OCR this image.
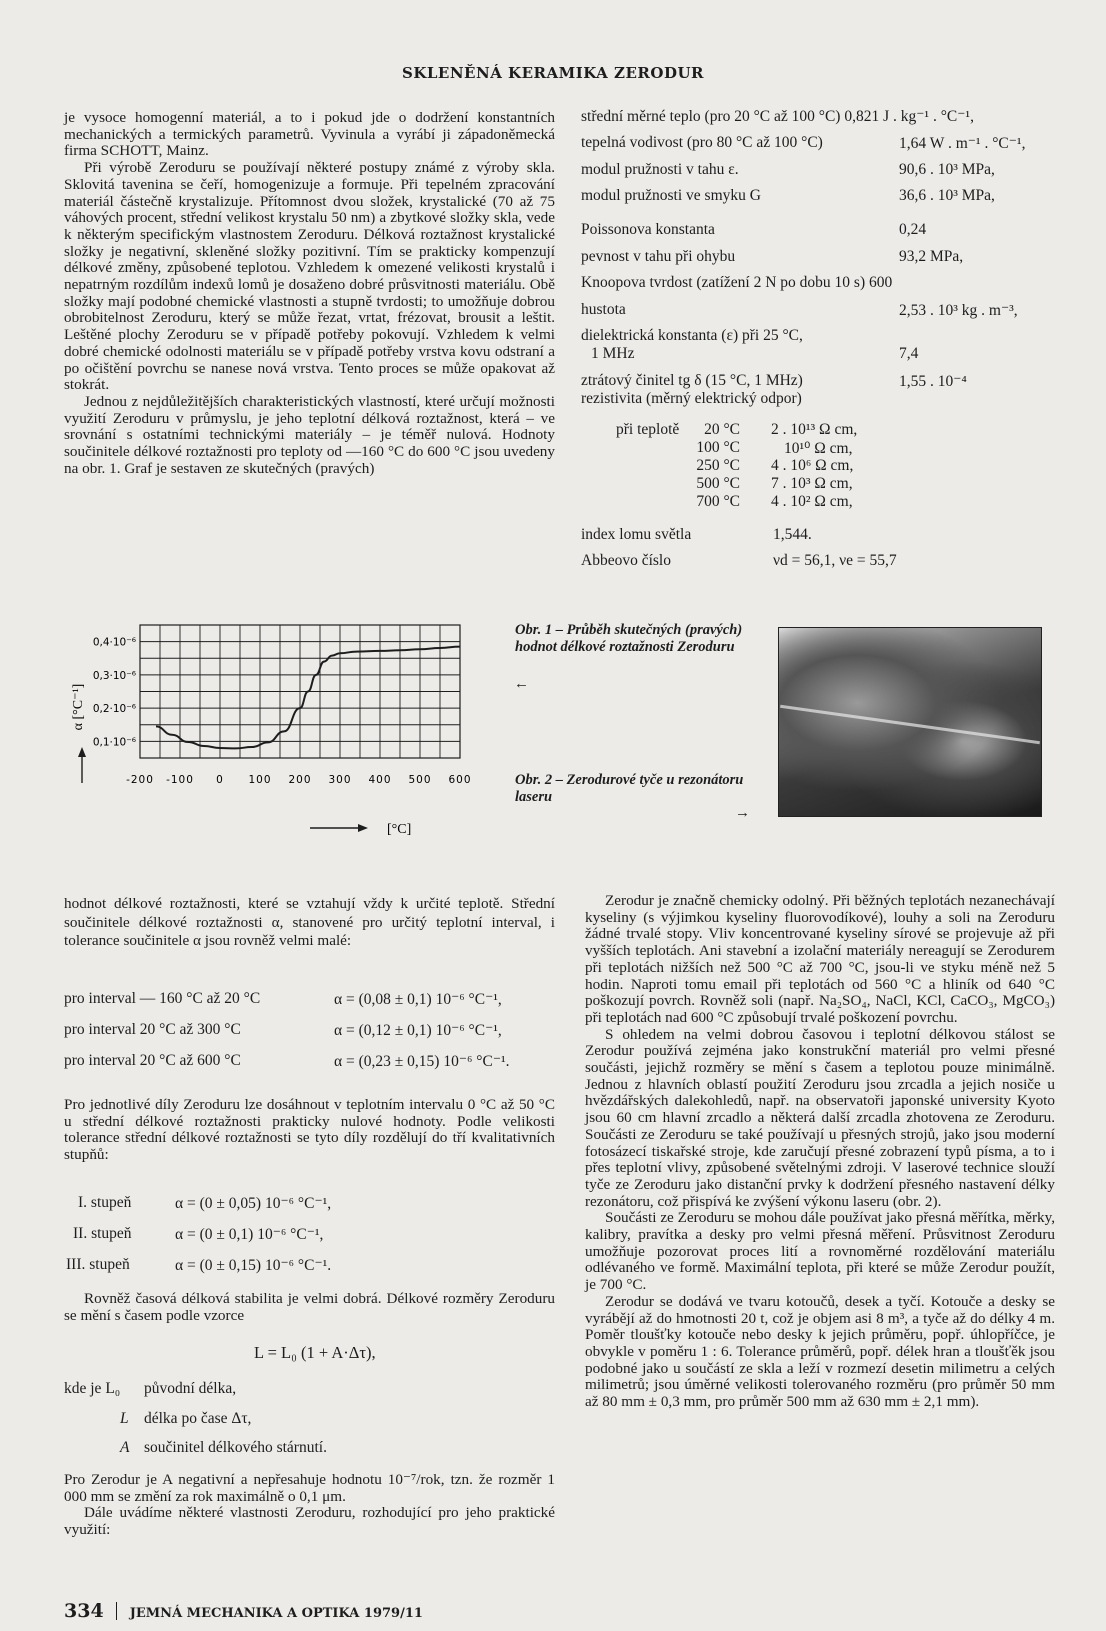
SKLENĚNÁ KERAMIKA ZERODUR

je vysoce homogenní materiál, a to i pokud jde o dodržení konstantních mechanických a termických parametrů. Vyvinula a vyrábí ji západoněmecká firma SCHOTT, Mainz.

Při výrobě Zeroduru se používají některé postupy známé z výroby skla. Sklovitá tavenina se čeří, homogenizuje a formuje. Při tepelném zpracování materiál částečně krystalizuje. Přítomnost dvou složek, krystalické (70 až 75 váhových procent, střední velikost krystalu 50 nm) a zbytkové složky skla, vede k některým specifickým vlastnostem Zeroduru. Délková roztažnost krystalické složky je negativní, skleněné složky pozitivní. Tím se prakticky kompenzují délkové změny, způsobené teplotou. Vzhledem k omezené velikosti krystalů i nepatrným rozdílům indexů lomů je dosaženo dobré průsvitnosti materiálu. Obě složky mají podobné chemické vlastnosti a stupně tvrdosti; to umožňuje dobrou obrobitelnost Zeroduru, který se může řezat, vrtat, frézovat, brousit a leštit. Leštěné plochy Zeroduru se v případě potřeby pokovují. Vzhledem k velmi dobré chemické odolnosti materiálu se v případě potřeby vrstva kovu odstraní a po očištění povrchu se nanese nová vrstva. Tento proces se může opakovat až stokrát.

Jednou z nejdůležitějších charakteristických vlastností, které určují možnosti využití Zeroduru v průmyslu, je jeho teplotní délková roztažnost, která – ve srovnání s ostatními technickými materiály – je téměř nulová. Hodnoty součinitele délkové roztažnosti pro teploty od —160 °C do 600 °C jsou uvedeny na obr. 1. Graf je sestaven ze skutečných (pravých)

střední měrné teplo (pro 20 °C až 100 °C) 0,821 J . kg⁻¹ . °C⁻¹,
tepelná vodivost (pro 80 °C až 100 °C)	1,64 W . m⁻¹ . °C⁻¹,
modul pružnosti v tahu ε.	90,6 . 10³ MPa,
modul pružnosti ve smyku G	36,6 . 10³ MPa,
Poissonova konstanta	0,24
pevnost v tahu při ohybu	93,2 MPa,
Knoopova tvrdost (zatížení 2 N po dobu 10 s) 600
hustota	2,53 . 10³ kg . m⁻³,
dielektrická konstanta (ε) při 25 °C,
1 MHz	7,4
ztrátový činitel tg δ (15 °C, 1 MHz)	1,55 . 10⁻⁴
rezistivita (měrný elektrický odpor)
při teplotě	20 °C 2 . 10¹³ Ω cm,
100 °C	10¹⁰ Ω cm,
250 °C 4 . 10⁶ Ω cm,
500 °C 7 . 10³ Ω cm,
700 °C 4 . 10² Ω cm,
index lomu světla	1,544.
Abbeovo číslo	νd = 56,1, νe = 55,7
0,1·10⁻⁶
0,2·10⁻⁶
0,3·10⁻⁶
0,4·10⁻⁶
-200 -100 0 100 200 300 400 500 600
α [°C⁻¹]
[°C]
Obr. 1 – Průběh skutečných (pravých) hodnot délkové roztažnosti Zeroduru
←
Obr. 2 – Zerodurové tyče u rezonátoru laseru
→

hodnot délkové roztažnosti, které se vztahují vždy k určité teplotě. Střední součinitele délkové roztažnosti α, stanovené pro určitý teplotní interval, i tolerance součinitele α jsou rovněž velmi malé:

pro interval — 160 °C až 20 °C	α = (0,08 ± 0,1) 10⁻⁶ °C⁻¹,
pro interval 20 °C až 300 °C	α = (0,12 ± 0,1) 10⁻⁶ °C⁻¹,
pro interval 20 °C až 600 °C	α = (0,23 ± 0,15) 10⁻⁶ °C⁻¹.

Pro jednotlivé díly Zeroduru lze dosáhnout v teplotním intervalu 0 °C až 50 °C u střední délkové roztažnosti prakticky nulové hodnoty. Podle velikosti tolerance střední délkové roztažnosti se tyto díly rozdělují do tří kvalitativních stupňů:

I. stupeň	α = (0 ± 0,05) 10⁻⁶ °C⁻¹,
II. stupeň	α = (0 ± 0,1) 10⁻⁶ °C⁻¹,
III. stupeň	α = (0 ± 0,15) 10⁻⁶ °C⁻¹.

Rovněž časová délková stabilita je velmi dobrá. Délkové rozměry Zeroduru se mění s časem podle vzorce

L = L₀ (1 + A·Δτ),
kde je L₀ původní délka,
L délka po čase Δτ,
A součinitel délkového stárnutí.

Pro Zerodur je A negativní a nepřesahuje hodnotu 10⁻⁷/rok, tzn. že rozměr 1 000 mm se změní za rok maximálně o 0,1 μm.

Dále uvádíme některé vlastnosti Zeroduru, rozhodující pro jeho praktické využití:

Zerodur je značně chemicky odolný. Při běžných teplotách nezanechávají kyseliny (s výjimkou kyseliny fluorovodíkové), louhy a soli na Zeroduru žádné trvalé stopy. Vliv koncentrované kyseliny sírové se projevuje až při vyšších teplotách. Ani stavební a izolační materiály nereagují se Zerodurem při teplotách nižších než 500 °C až 700 °C, jsou-li ve styku méně než 5 hodin. Naproti tomu email při teplotách od 560 °C a hliník od 640 °C poškozují povrch. Rovněž soli (např. Na₂SO₄, NaCl, KCl, CaCO₃, MgCO₃) při teplotách nad 600 °C způsobují trvalé poškození povrchu.

S ohledem na velmi dobrou časovou i teplotní délkovou stálost se Zerodur používá zejména jako konstrukční materiál pro velmi přesné součásti, jejichž rozměry se mění s časem a teplotou pouze minimálně. Jednou z hlavních oblastí použití Zeroduru jsou zrcadla a jejich nosiče u hvězdářských dalekohledů, např. na observatoři japonské university Kyoto jsou 60 cm hlavní zrcadlo a některá další zrcadla zhotovena ze Zeroduru. Součásti ze Zeroduru se také používají u přesných strojů, jako jsou moderní fotosázecí tiskařské stroje, kde zaručují přesné zobrazení typů písma, a to i přes teplotní vlivy, způsobené světelnými zdroji. V laserové technice slouží tyče ze Zeroduru jako distanční prvky k dodržení přesného nastavení délky rezonátoru, což přispívá ke zvýšení výkonu laseru (obr. 2).

Součásti ze Zeroduru se mohou dále používat jako přesná měřítka, měrky, kalibry, pravítka a desky pro velmi přesná měření. Průsvitnost Zeroduru umožňuje pozorovat proces lití a rovnoměrné rozdělování materiálu odlévaného ve formě. Maximální teplota, při které se může Zerodur použít, je 700 °C.

Zerodur se dodává ve tvaru kotoučů, desek a tyčí. Kotouče a desky se vyrábějí až do hmotnosti 20 t, což je objem asi 8 m³, a tyče až do délky 4 m. Poměr tloušťky kotouče nebo desky k jejich průměru, popř. úhlopříčce, je obvykle v poměru 1 : 6. Tolerance průměrů, popř. délek hran a tloušťěk jsou podobné jako u součástí ze skla a leží v rozmezí desetin milimetru a celých milimetrů; jsou úměrné velikosti tolerovaného rozměru (pro průměr 50 mm až 80 mm ± 0,3 mm, pro průměr 500 mm až 630 mm ± 2,1 mm).

334 JEMNÁ MECHANIKA A OPTIKA 1979/11
